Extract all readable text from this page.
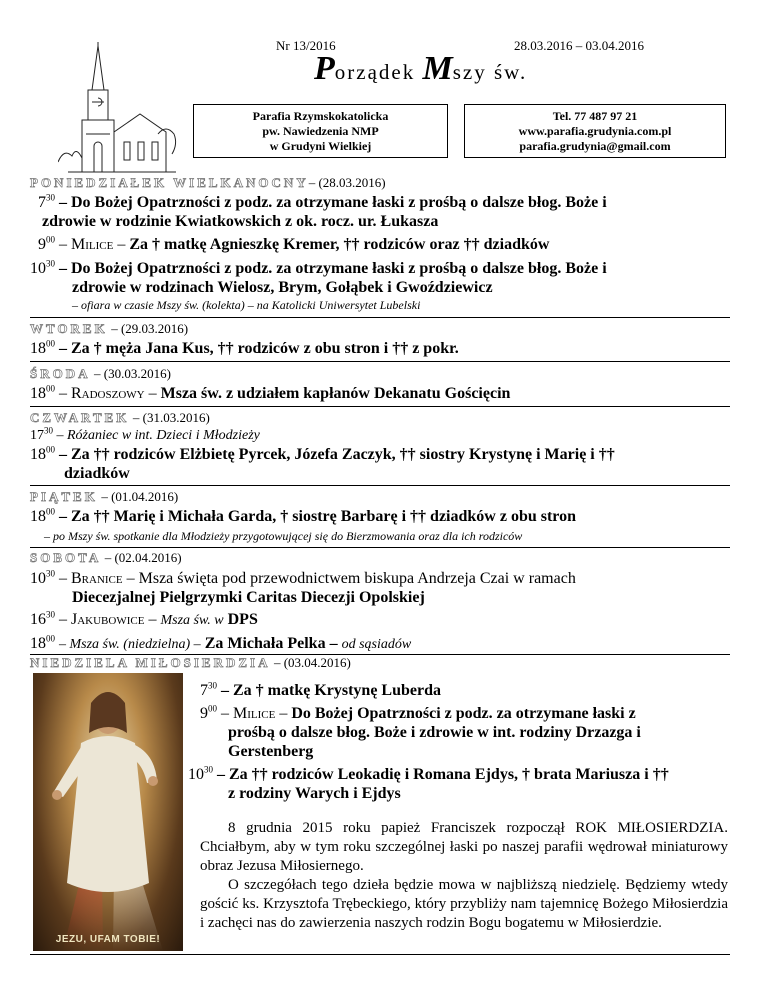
Nr 13/2016	28.03.2016 – 03.04.2016
Porządek Mszy św.
Parafia Rzymskokatolicka
pw. Nawiedzenia NMP
w Grudyni Wielkiej
Tel. 77 487 97 21
www.parafia.grudynia.com.pl
parafia.grudynia@gmail.com
PONIEDZIAŁEK WIELKANOCNY– (28.03.2016)
$7^{30}$ – Do Bożej Opatrzności z podz. za otrzymane łaski z prośbą o dalsze błog. Boże i
zdrowie w rodzinie Kwiatkowskich z ok. rocz. ur. Łukasza
$9^{00}$ – Milice – Za † matkę Agnieszkę Kremer, †† rodziców oraz †† dziadków
$10^{30}$ – Do Bożej Opatrzności z podz. za otrzymane łaski z prośbą o dalsze błog. Boże i
zdrowie w rodzinach Wielosz, Brym, Gołąbek i Gwoździewicz
– ofiara w czasie Mszy św. (kolekta) – na Katolicki Uniwersytet Lubelski
WTOREK – (29.03.2016)
$18^{00}$ – Za † męża Jana Kus, †† rodziców z obu stron i †† z pokr.
ŚRODA – (30.03.2016)
$18^{00}$ – Radoszowy – Msza św. z udziałem kapłanów Dekanatu Gościęcin
CZWARTEK – (31.03.2016)
$17^{30}$ – Różaniec w int. Dzieci i Młodzieży
$18^{00}$ – Za †† rodziców Elżbietę Pyrcek, Józefa Zaczyk, †† siostry Krystynę i Marię i ††
dziadków
PIĄTEK – (01.04.2016)
$18^{00}$ – Za †† Marię i Michała Garda, † siostrę Barbarę i †† dziadków z obu stron
– po Mszy św. spotkanie dla Młodzieży przygotowującej się do Bierzmowania oraz dla ich rodziców
SOBOTA – (02.04.2016)
$10^{30}$ – Branice – Msza święta pod przewodnictwem biskupa Andrzeja Czai w ramach
Diecezjalnej Pielgrzymki Caritas Diecezji Opolskiej
$16^{30}$ – Jakubowice – Msza św. w DPS
$18^{00}$ – Msza św. (niedzielna) – Za Michała Pelka – od sąsiadów
NIEDZIELA MIŁOSIERDZIA – (03.04.2016)
JEZU, UFAM TOBIE!
$7^{30}$ – Za † matkę Krystynę Luberda
$9^{00}$ – Milice – Do Bożej Opatrzności z podz. za otrzymane łaski z
prośbą o dalsze błog. Boże i zdrowie w int. rodziny Drzazga i
Gerstenberg
$10^{30}$ – Za †† rodziców Leokadię i Romana Ejdys, † brata Mariusza i ††
z rodziny Warych i Ejdys
8 grudnia 2015 roku papież Franciszek rozpoczął ROK MIŁOSIERDZIA. Chciałbym, aby w tym roku szczególnej łaski po naszej parafii wędrował miniaturowy obraz Jezusa Miłosiernego.
O szczegółach tego dzieła będzie mowa w najbliższą niedzielę. Będziemy wtedy gościć ks. Krzysztofa Trębeckiego, który przybliży nam tajemnicę Bożego Miłosierdzia i zachęci nas do zawierzenia naszych rodzin Bogu bogatemu w Miłosierdzie.
